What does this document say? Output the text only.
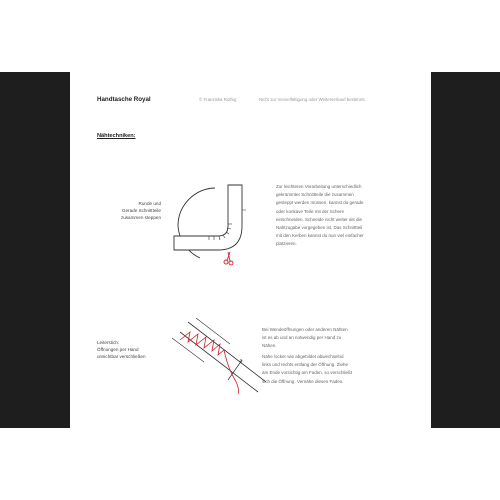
Handtasche Royal	© Franziska Rothig	Nicht zur Vervielfältigung oder Weiterverkauf bestimmt.
Nähtechniken:
Runde und
Gerade Schnittteile
zusammen steppen
Zur leichteren Verarbeitung unterschiedlich
gekrümmter Schnittteile die zusammen
gesteppt werden müssen, kannst du gerade
oder konkave Teile mit der Schere
einschneiden. Schneide nicht weiter als die
Nahtzugabe vorgegeben ist. Das Schnittteil
mit den Kerben kannst du nun viel einfacher
platzieren.
Leiterstich:
Öffnungen per Hand
unsichtbar verschließen
Bei Wendeöffnungen oder anderen Nähten
ist es ab und an notwendig per Hand zu
Nähen.
Nähe locker wie abgebildet abwechselnd
links und rechts entlang der Öffnung. Ziehe
am Ende vorsichtig am Faden, so verschließt
sich die Öffnung. Vernähe diesen Faden.
